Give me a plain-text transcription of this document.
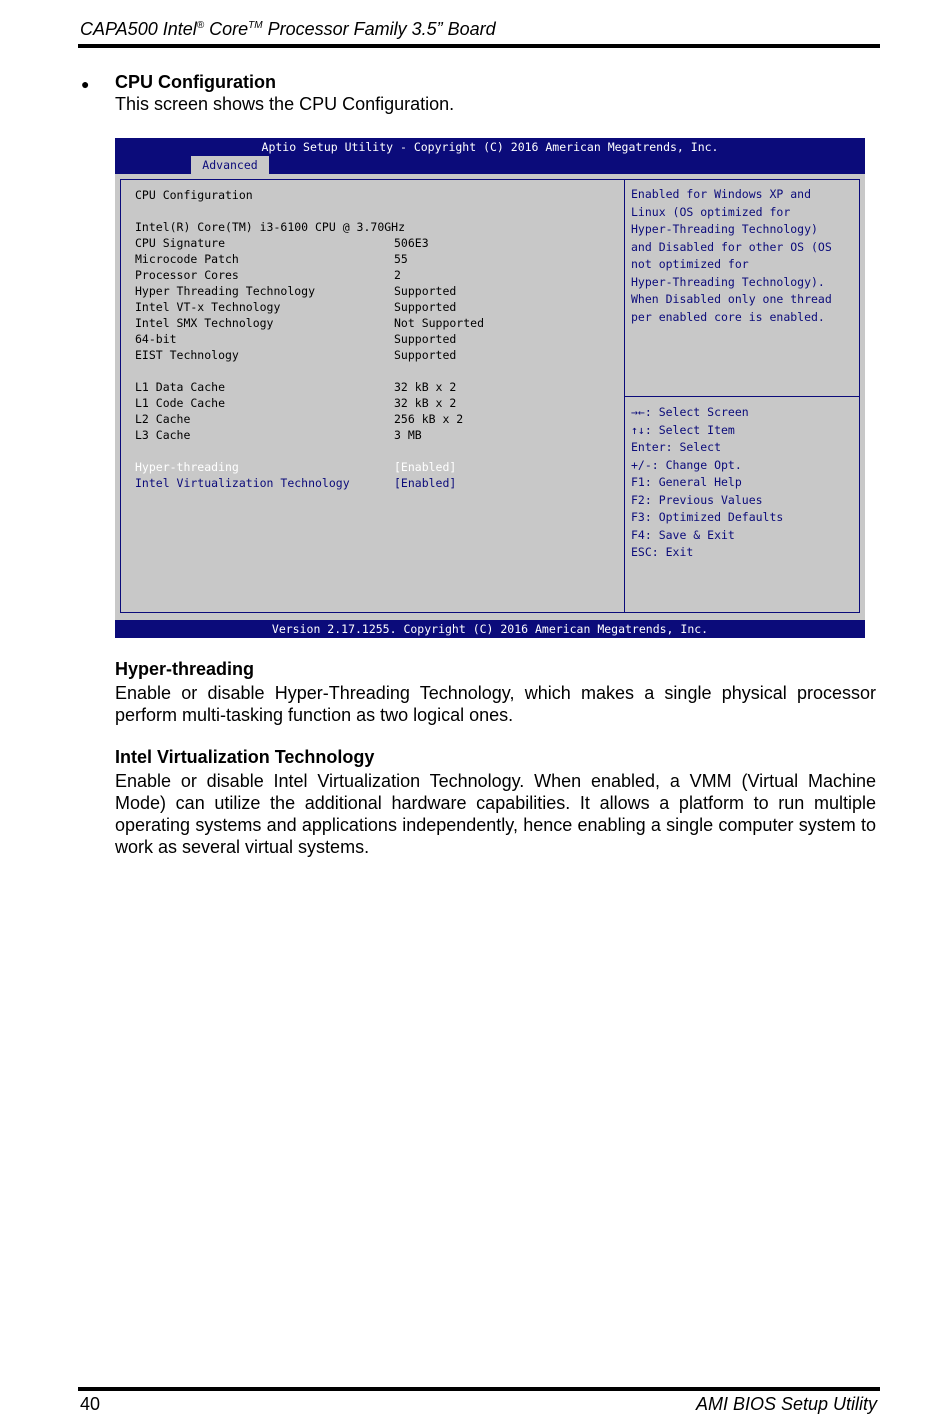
CAPA500 Intel® Core™ Processor Family 3.5” Board
● CPU Configuration
This screen shows the CPU Configuration.
Aptio Setup Utility - Copyright (C) 2016 American Megatrends, Inc.
Advanced
CPU Configuration
Intel(R) Core(TM) i3-6100 CPU @ 3.70GHz
CPU Signature	506E3
Microcode Patch	55
Processor Cores	2
Hyper Threading Technology	Supported
Intel VT-x Technology	Supported
Intel SMX Technology	Not Supported
64-bit	Supported
EIST Technology	Supported
L1 Data Cache	32 kB x 2
L1 Code Cache	32 kB x 2
L2 Cache	256 kB x 2
L3 Cache	3 MB
Hyper-threading	[Enabled]
Intel Virtualization Technology	[Enabled]
Enabled for Windows XP and
Linux (OS optimized for
Hyper-Threading Technology)
and Disabled for other OS (OS
not optimized for
Hyper-Threading Technology).
When Disabled only one thread
per enabled core is enabled.
→←: Select Screen
↑↓: Select Item
Enter: Select
+/-: Change Opt.
F1: General Help
F2: Previous Values
F3: Optimized Defaults
F4: Save & Exit
ESC: Exit
Version 2.17.1255. Copyright (C) 2016 American Megatrends, Inc.
Hyper-threading
Enable or disable Hyper-Threading Technology, which makes a single physical processor perform multi-tasking function as two logical ones.
Intel Virtualization Technology
Enable or disable Intel Virtualization Technology. When enabled, a VMM (Virtual Machine Mode) can utilize the additional hardware capabilities. It allows a platform to run multiple operating systems and applications independently, hence enabling a single computer system to work as several virtual systems.
40	AMI BIOS Setup Utility
